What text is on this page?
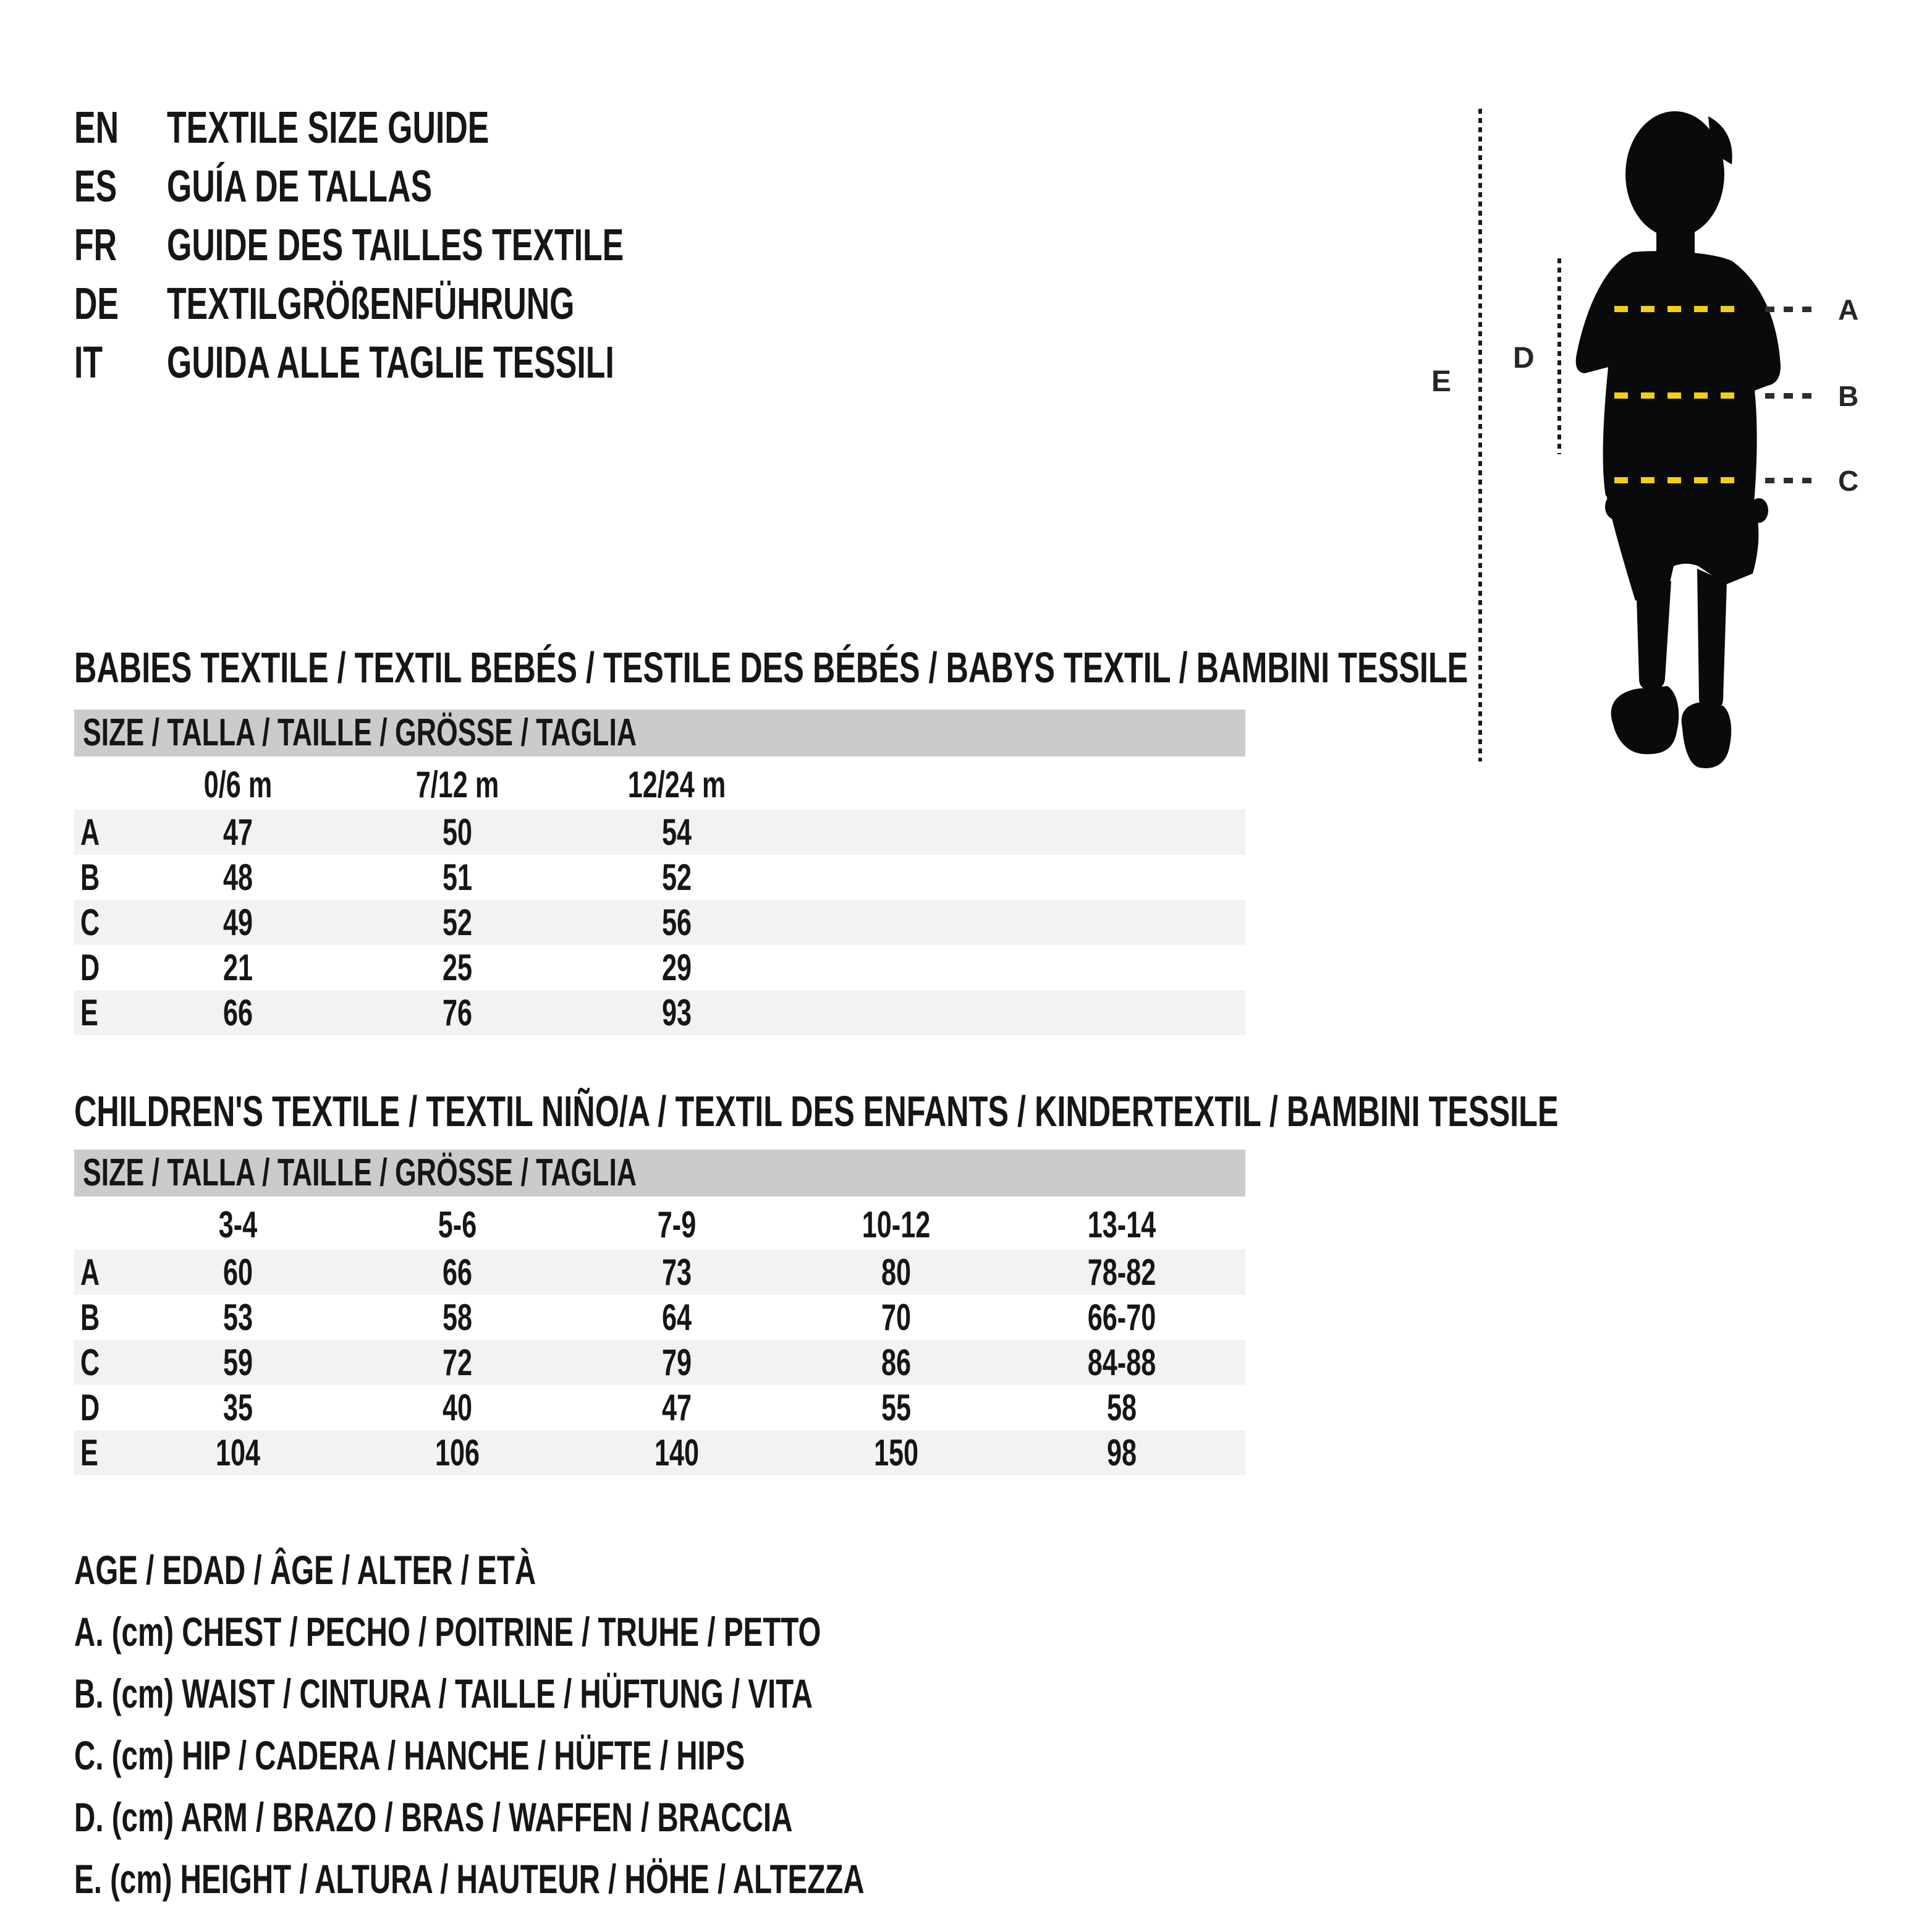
EN TEXTILE SIZE GUIDE
ES GUÍA DE TALLAS
FR GUIDE DES TAILLES TEXTILE
DE TEXTILGRÖßENFÜHRUNG
IT GUIDA ALLE TAGLIE TESSILI	E
D
A
B
C
BABIES TEXTILE / TEXTIL BEBÉS / TESTILE DES BÉBÉS / BABYS TEXTIL / BAMBINI TESSILE
SIZE / TALLA / TAILLE / GRÖSSE / TAGLIA
0/6 m	7/12 m	12/24 m
A	47	50	54
B	48	51	52
C	49	52	56
D	21	25	29
E	66	76	93
CHILDREN'S TEXTILE / TEXTIL NIÑO/A / TEXTIL DES ENFANTS / KINDERTEXTIL / BAMBINI TESSILE
SIZE / TALLA / TAILLE / GRÖSSE / TAGLIA
3-4	5-6	7-9	10-12	13-14
A	60	66	73	80	78-82
B	53	58	64	70	66-70
C	59	72	79	86	84-88
D	35	40	47	55	58
E	104	106	140	150	98
AGE / EDAD / ÂGE / ALTER / ETÀ
A. (cm) CHEST / PECHO / POITRINE / TRUHE / PETTO
B. (cm) WAIST / CINTURA / TAILLE / HÜFTUNG / VITA
C. (cm) HIP / CADERA / HANCHE / HÜFTE / HIPS
D. (cm) ARM / BRAZO / BRAS / WAFFEN / BRACCIA
E. (cm) HEIGHT / ALTURA / HAUTEUR / HÖHE / ALTEZZA
